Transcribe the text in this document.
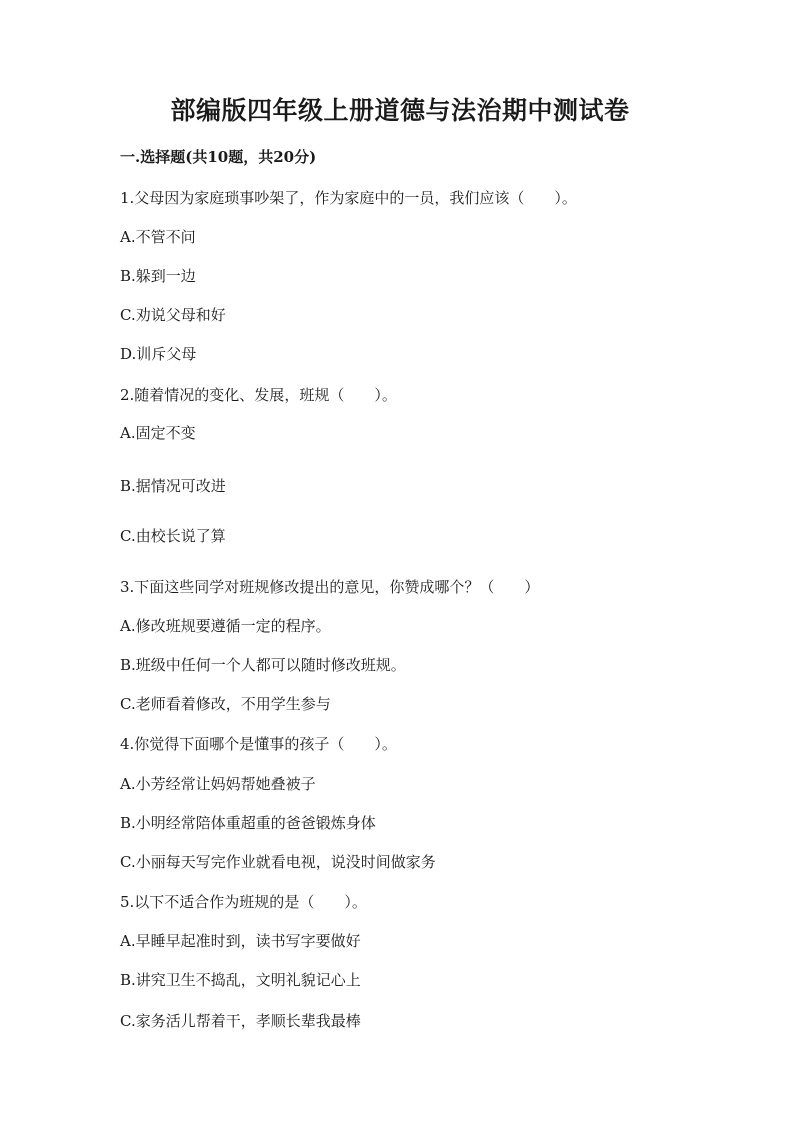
部编版四年级上册道德与法治期中测试卷
一.选择题(共10题，共20分)
1.父母因为家庭琐事吵架了，作为家庭中的一员，我们应该（　　）。
A.不管不问
B.躲到一边
C.劝说父母和好
D.训斥父母
2.随着情况的变化、发展，班规（　　）。
A.固定不变
B.据情况可改进
C.由校长说了算
3.下面这些同学对班规修改提出的意见，你赞成哪个？（　　）
A.修改班规要遵循一定的程序。
B.班级中任何一个人都可以随时修改班规。
C.老师看着修改，不用学生参与
4.你觉得下面哪个是懂事的孩子（　　）。
A.小芳经常让妈妈帮她叠被子
B.小明经常陪体重超重的爸爸锻炼身体
C.小丽每天写完作业就看电视，说没时间做家务
5.以下不适合作为班规的是（　　）。
A.早睡早起准时到，读书写字要做好
B.讲究卫生不捣乱，文明礼貌记心上
C.家务活儿帮着干，孝顺长辈我最棒
